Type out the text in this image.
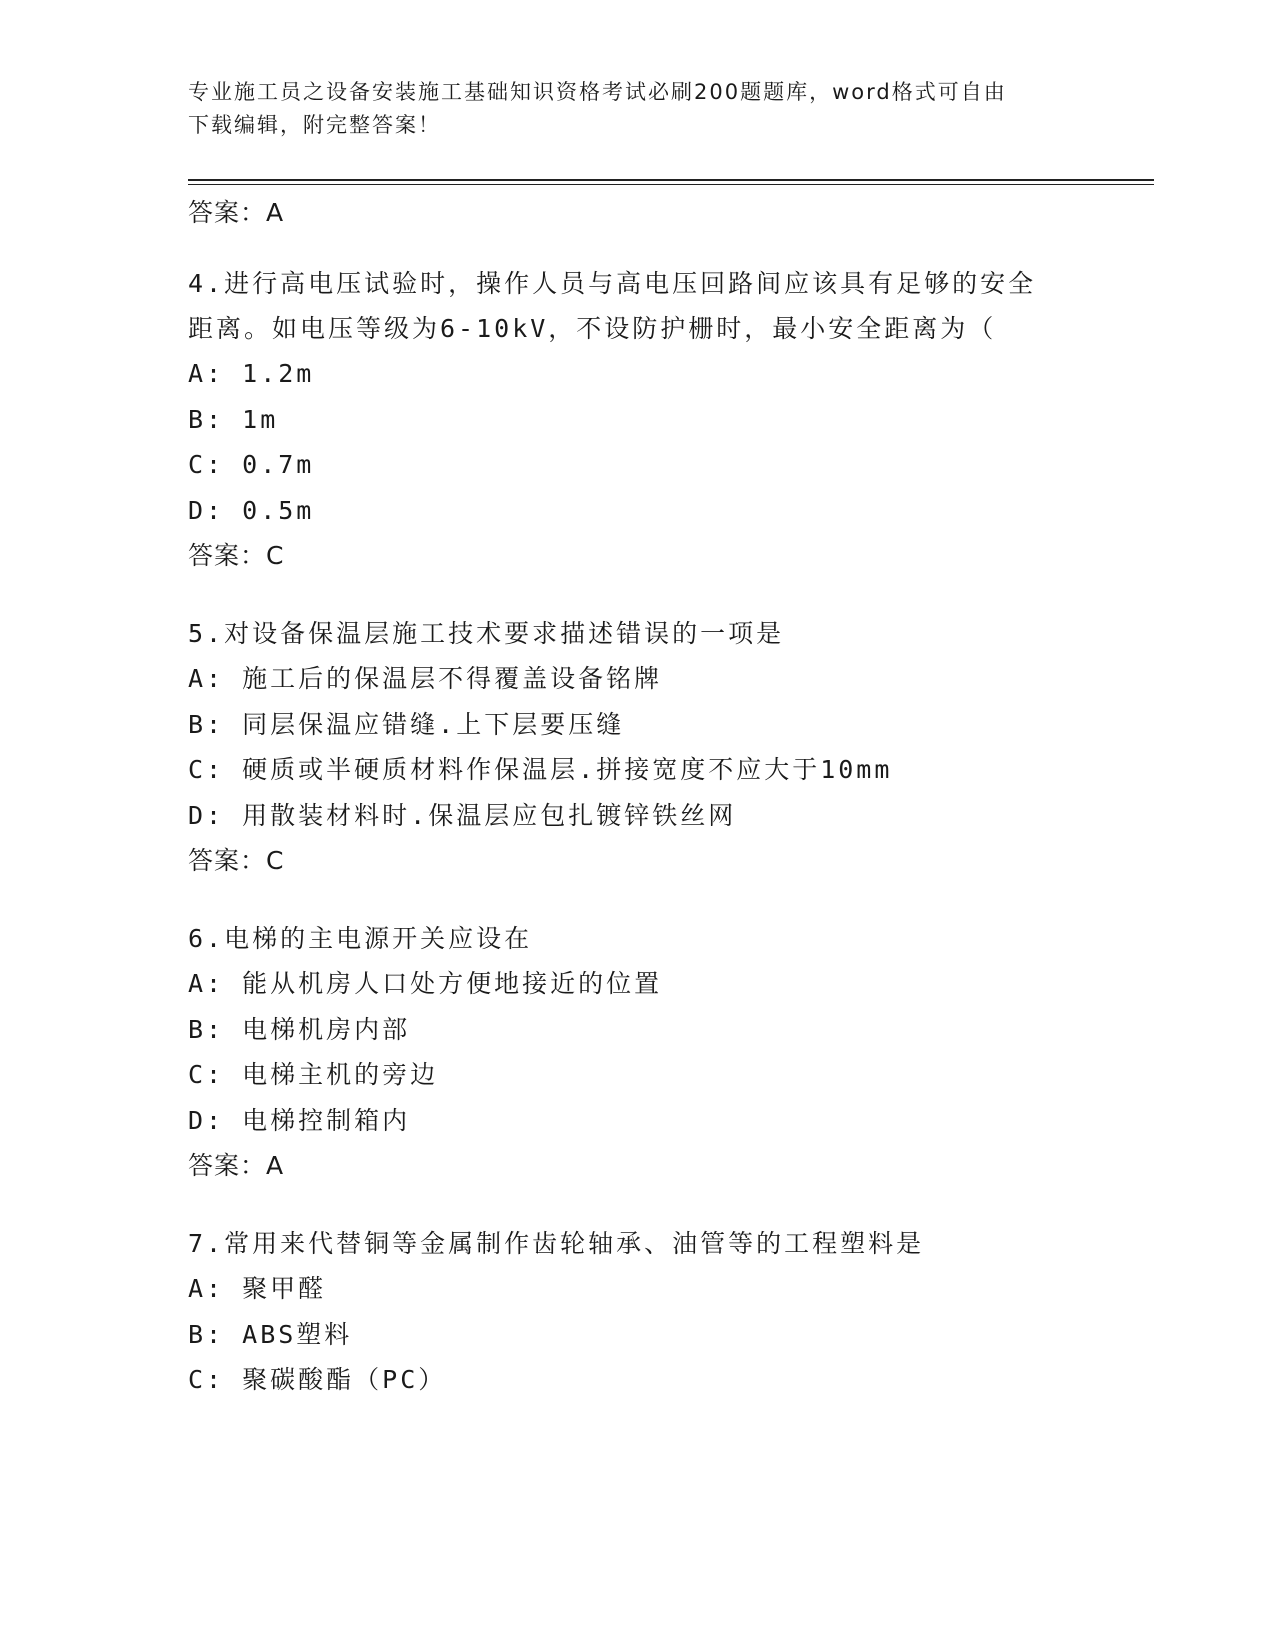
专业施工员之设备安装施工基础知识资格考试必刷200题题库，word格式可自由
下载编辑，附完整答案！
答案：A
4.进行高电压试验时，操作人员与高电压回路间应该具有足够的安全
距离。如电压等级为6-10kV，不设防护栅时，最小安全距离为（
A: 1.2m
B: 1m
C: 0.7m
D: 0.5m
答案：C
5.对设备保温层施工技术要求描述错误的一项是
A: 施工后的保温层不得覆盖设备铭牌
B: 同层保温应错缝.上下层要压缝
C: 硬质或半硬质材料作保温层.拼接宽度不应大于10mm
D: 用散装材料时.保温层应包扎镀锌铁丝网
答案：C
6.电梯的主电源开关应设在
A: 能从机房人口处方便地接近的位置
B: 电梯机房内部
C: 电梯主机的旁边
D: 电梯控制箱内
答案：A
7.常用来代替铜等金属制作齿轮轴承、油管等的工程塑料是
A: 聚甲醛
B: ABS塑料
C: 聚碳酸酯（PC）
